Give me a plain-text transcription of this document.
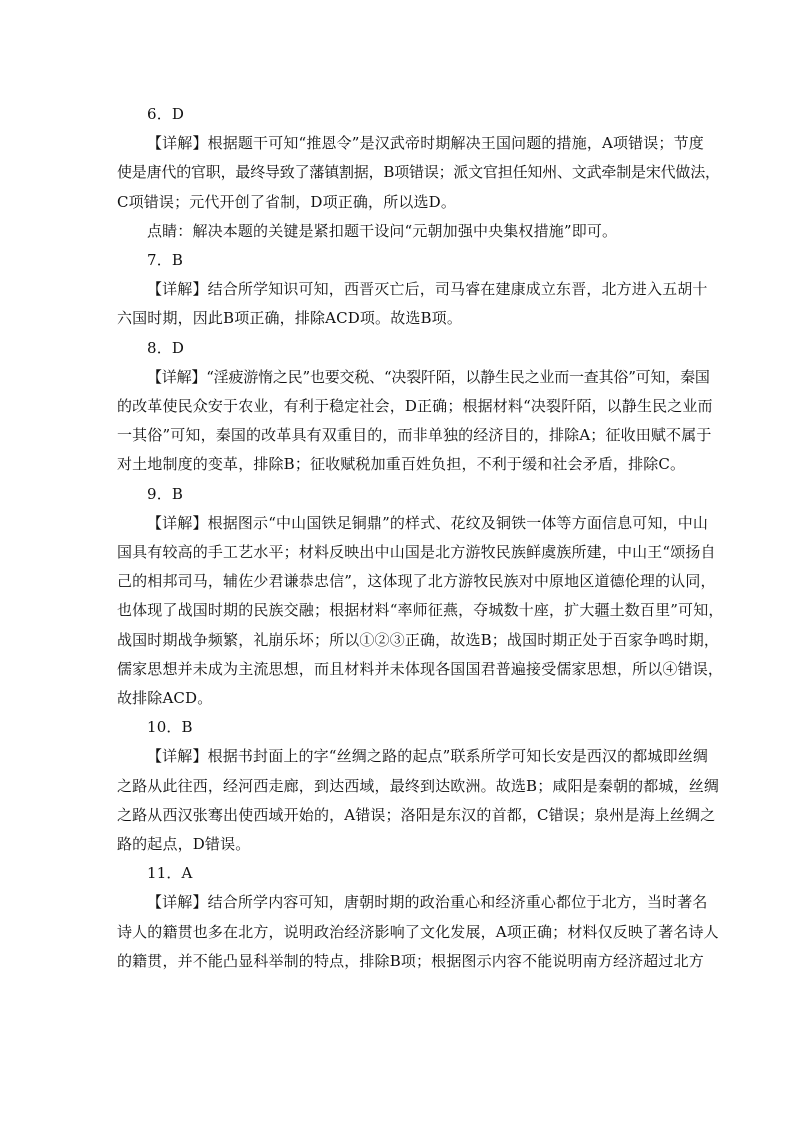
6．D
【详解】根据题干可知“推恩令”是汉武帝时期解决王国问题的措施，A项错误；节度
使是唐代的官职，最终导致了藩镇割据，B项错误；派文官担任知州、文武牵制是宋代做法，
C项错误；元代开创了省制，D项正确，所以选D。
点睛：解决本题的关键是紧扣题干设问“元朝加强中央集权措施”即可。
7．B
【详解】结合所学知识可知，西晋灭亡后，司马睿在建康成立东晋，北方进入五胡十
六国时期，因此B项正确，排除ACD项。故选B项。
8．D
【详解】“淫疲游惰之民”也要交税、“决裂阡陌，以静生民之业而一查其俗”可知，秦国
的改革使民众安于农业，有利于稳定社会，D正确；根据材料“决裂阡陌，以静生民之业而
一其俗”可知，秦国的改革具有双重目的，而非单独的经济目的，排除A；征收田赋不属于
对土地制度的变革，排除B；征收赋税加重百姓负担，不利于缓和社会矛盾，排除C。
9．B
【详解】根据图示“中山国铁足铜鼎”的样式、花纹及铜铁一体等方面信息可知，中山
国具有较高的手工艺水平；材料反映出中山国是北方游牧民族鲜虞族所建，中山王“颂扬自
己的相邦司马，辅佐少君谦恭忠信”，这体现了北方游牧民族对中原地区道德伦理的认同，
也体现了战国时期的民族交融；根据材料“率师征燕，夺城数十座，扩大疆土数百里”可知，
战国时期战争频繁，礼崩乐坏；所以①②③正确，故选B；战国时期正处于百家争鸣时期，
儒家思想并未成为主流思想，而且材料并未体现各国国君普遍接受儒家思想，所以④错误，
故排除ACD。
10．B
【详解】根据书封面上的字“丝绸之路的起点”联系所学可知长安是西汉的都城即丝绸
之路从此往西，经河西走廊，到达西域，最终到达欧洲。故选B；咸阳是秦朝的都城，丝绸
之路从西汉张骞出使西域开始的，A错误；洛阳是东汉的首都，C错误；泉州是海上丝绸之
路的起点，D错误。
11．A
【详解】结合所学内容可知，唐朝时期的政治重心和经济重心都位于北方，当时著名
诗人的籍贯也多在北方，说明政治经济影响了文化发展，A项正确；材料仅反映了著名诗人
的籍贯，并不能凸显科举制的特点，排除B项；根据图示内容不能说明南方经济超过北方
